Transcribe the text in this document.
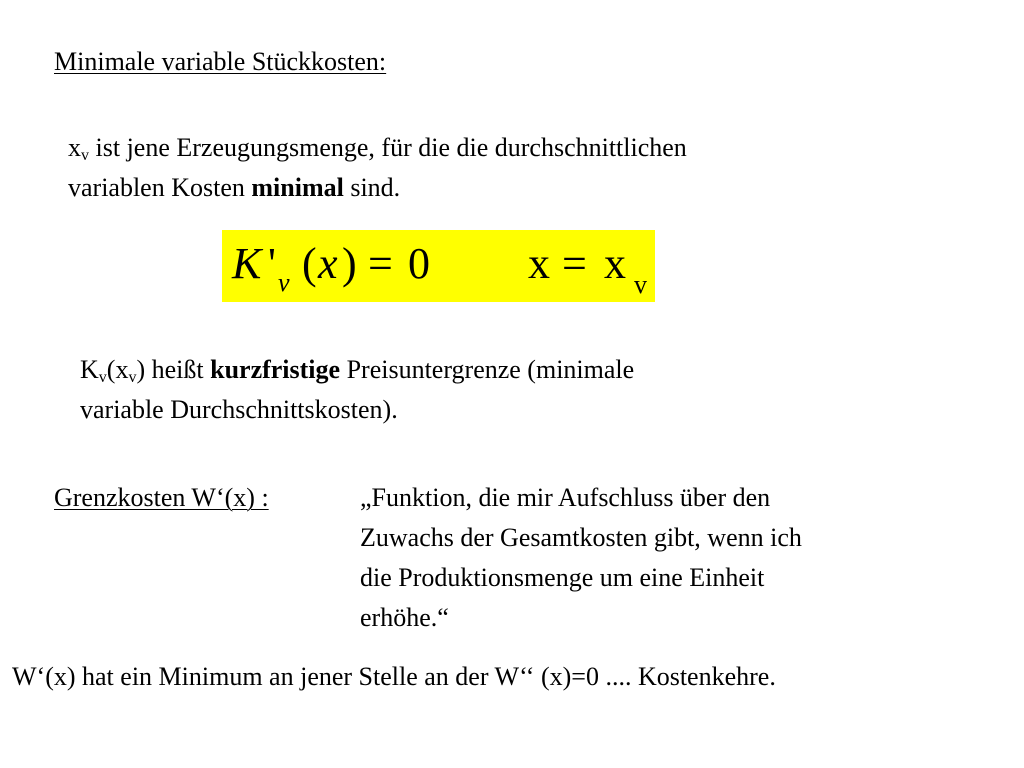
Minimale variable Stückkosten:
$x_v$ ist jene Erzeugungsmenge, für die die durchschnittlichen
variablen Kosten minimal sind.
K ' v ( x ) = 0 x = x v
$K_v(x_v)$ heißt kurzfristige Preisuntergrenze (minimale
variable Durchschnittskosten).
Grenzkosten W‘(x) :	„Funktion, die mir Aufschluss über den
Zuwachs der Gesamtkosten gibt, wenn ich
die Produktionsmenge um eine Einheit
erhöhe.“
W‘(x) hat ein Minimum an jener Stelle an der W‘‘ (x)=0 .... Kostenkehre.
